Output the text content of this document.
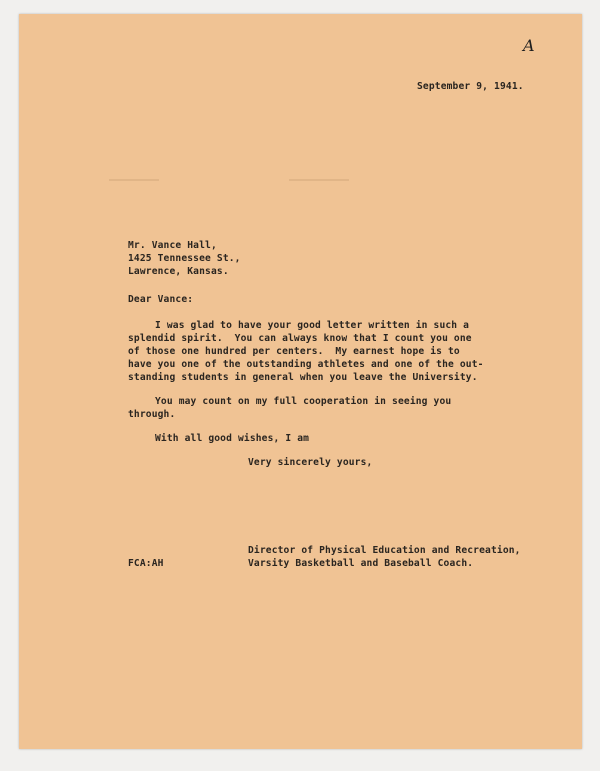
A
September 9, 1941.
Mr. Vance Hall,
1425 Tennessee St.,
Lawrence, Kansas.
Dear Vance:
I was glad to have your good letter written in such a
splendid spirit.  You can always know that I count you one
of those one hundred per centers.  My earnest hope is to
have you one of the outstanding athletes and one of the out-
standing students in general when you leave the University.
You may count on my full cooperation in seeing you
through.
With all good wishes, I am
Very sincerely yours,
Director of Physical Education and Recreation,
Varsity Basketball and Baseball Coach.
FCA:AH
